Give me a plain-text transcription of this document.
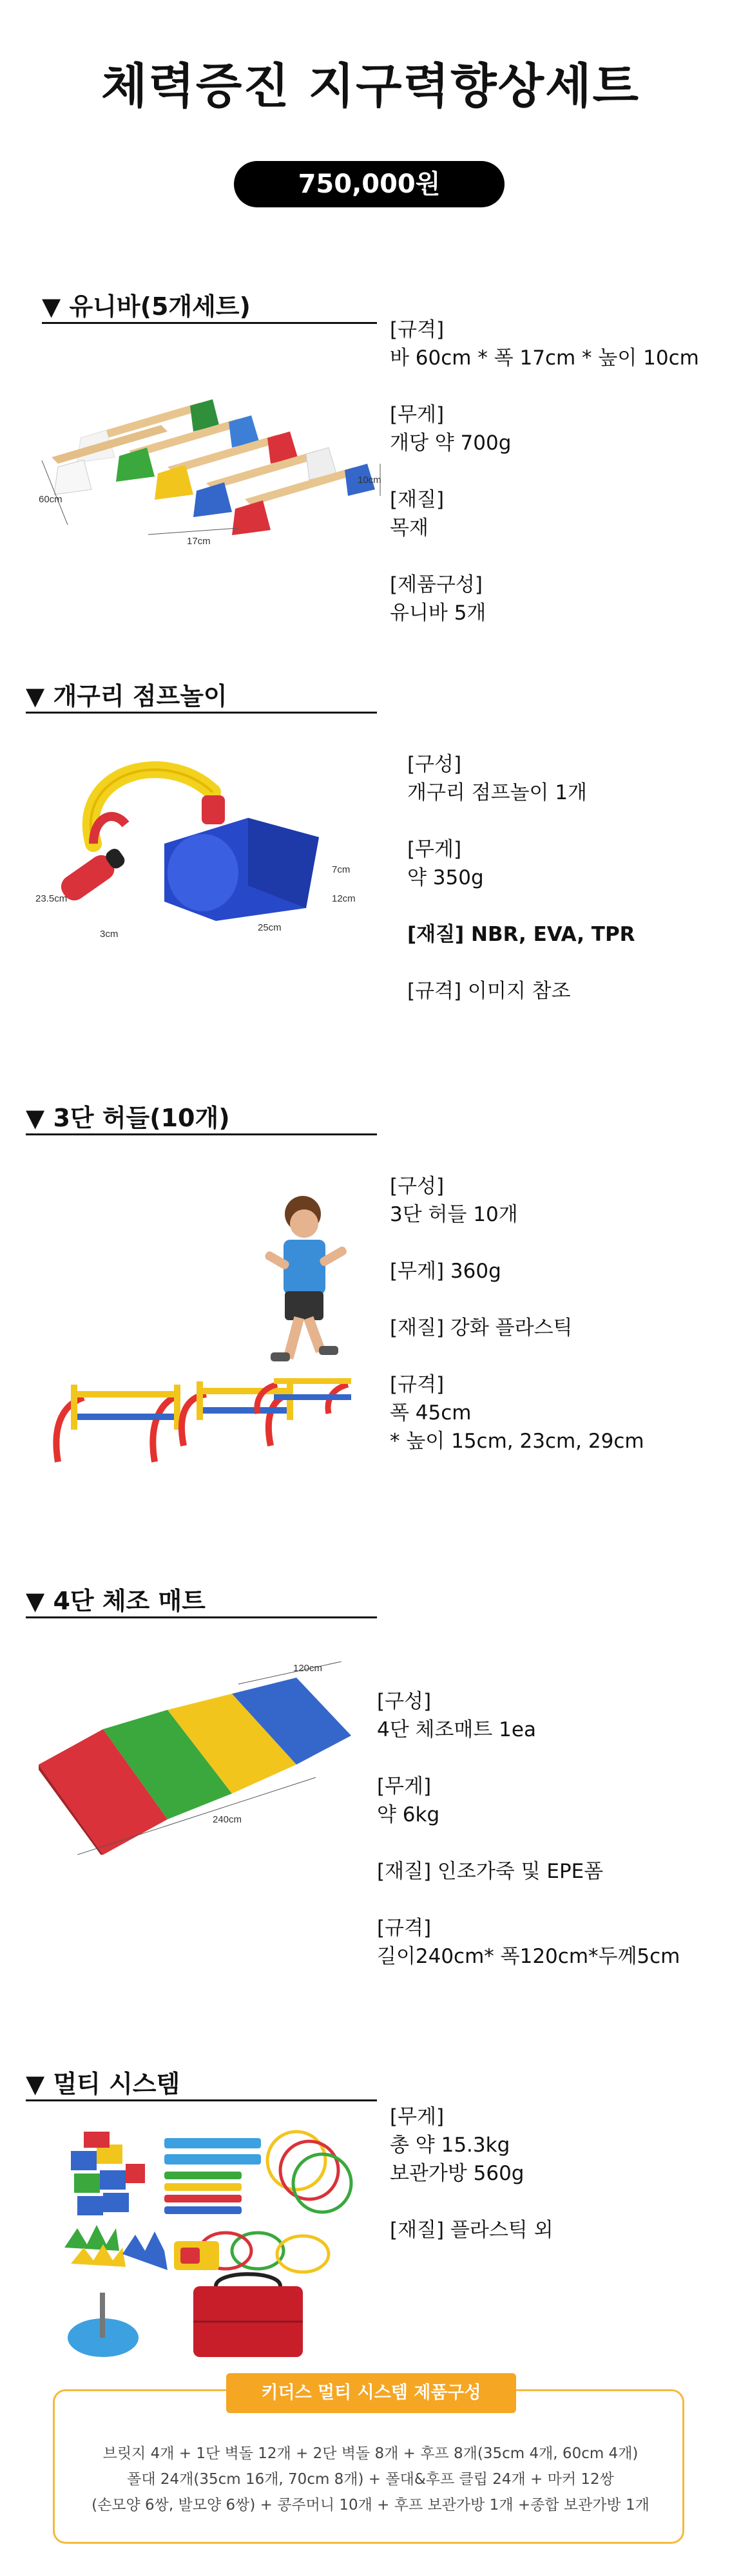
체력증진 지구력향상세트
750,000원
▼ 유니바(5개세트)
60cm
17cm
10cm

[규격]

바 60cm * 폭 17cm * 높이 10cm

[무게]

개당 약 700g

[재질]

목재

[제품구성]

유니바 5개

▼ 개구리 점프놀이
23.5cm
3cm
25cm
7cm
12cm

[구성]

개구리 점프놀이 1개

[무게]

약 350g

[재질] NBR, EVA, TPR

[규격] 이미지 참조

▼ 3단 허들(10개)

[구성]

3단 허들 10개

[무게] 360g

[재질] 강화 플라스틱

[규격]

폭 45cm

* 높이 15cm, 23cm, 29cm

▼ 4단 체조 매트
120cm
240cm

[구성]

4단 체조매트 1ea

[무게]

약 6kg

[재질] 인조가죽 및 EPE폼

[규격]

길이240cm* 폭120cm*두께5cm

▼ 멀티 시스템

[무게]

총 약 15.3kg

보관가방 560g

[재질] 플라스틱 외

키더스 멀티 시스템 제품구성
브릿지 4개 + 1단 벽돌 12개 + 2단 벽돌 8개 + 후프 8개(35cm 4개, 60cm 4개)
폴대 24개(35cm 16개, 70cm 8개) + 폴대&후프 클립 24개 + 마커 12쌍
(손모양 6쌍, 발모양 6쌍) + 콩주머니 10개 + 후프 보관가방 1개 +종합 보관가방 1개
